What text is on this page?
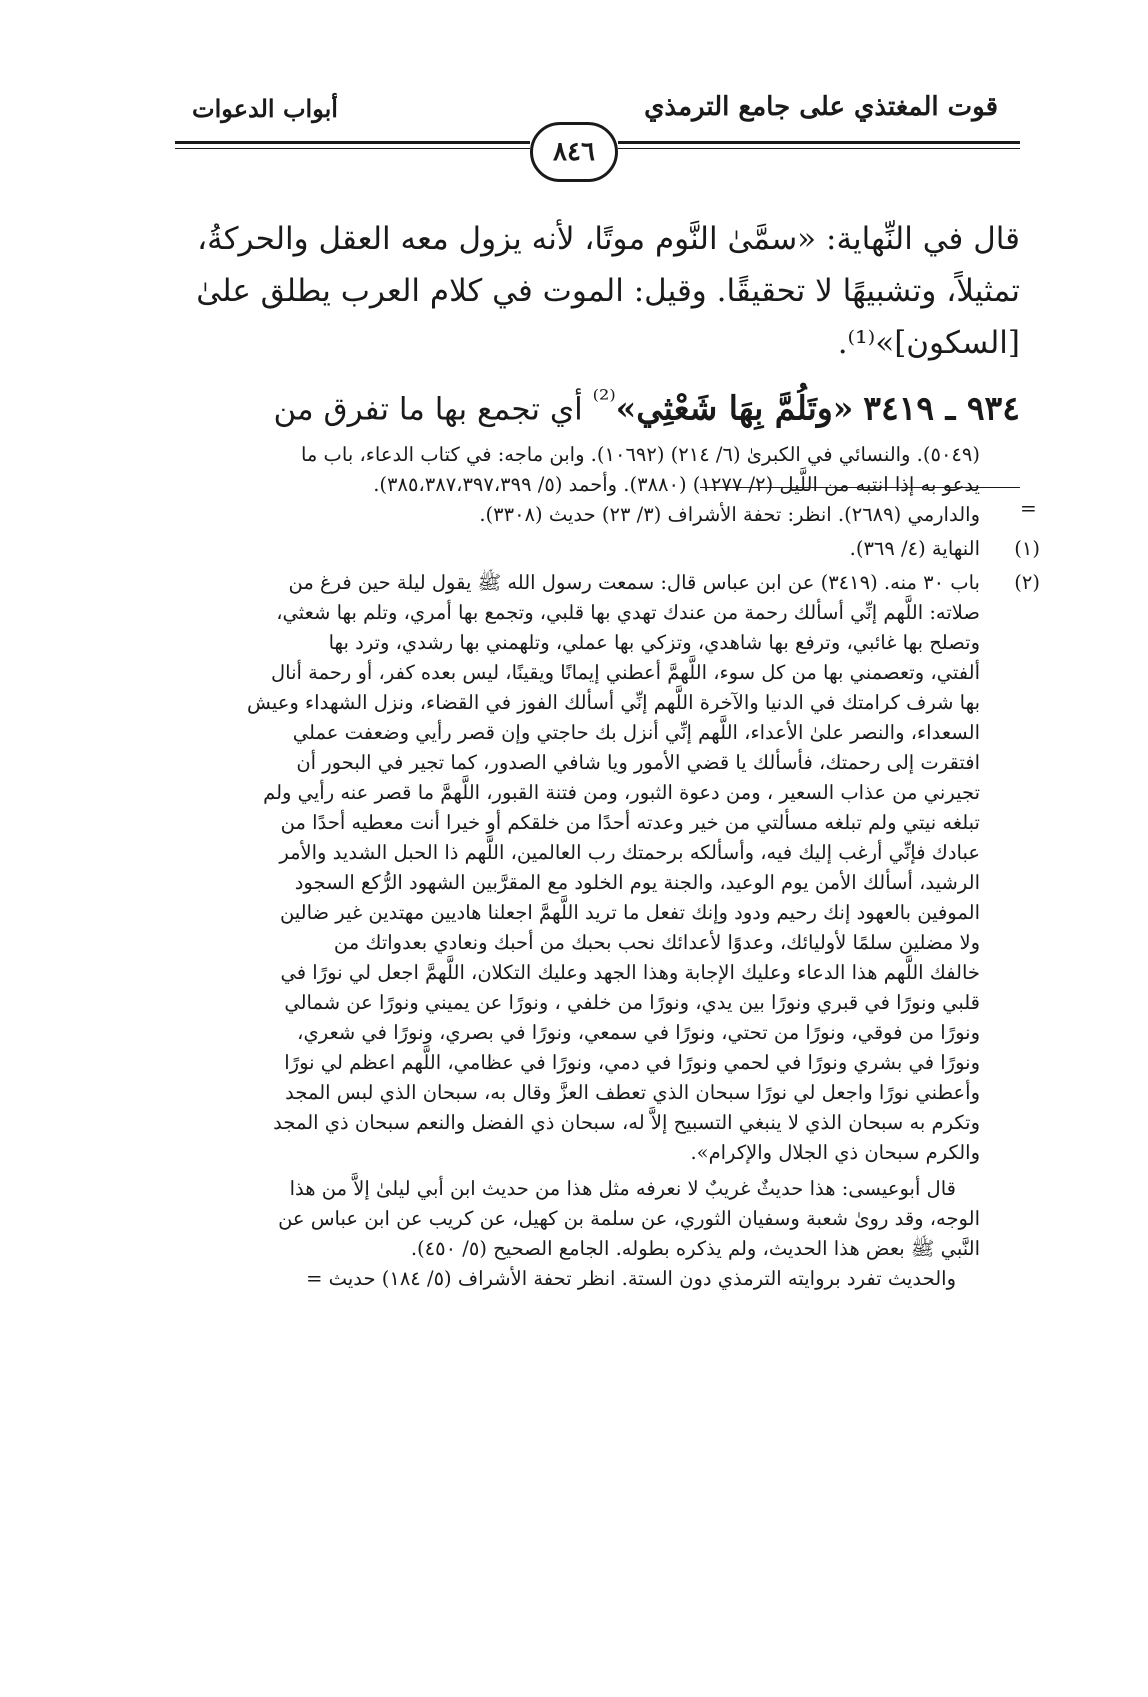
قوت المغتذي على جامع الترمذي
أبواب الدعوات
٨٤٦

قال في النِّهاية: «سمَّىٰ النَّوم موتًا، لأنه يزول معه العقل والحركةُ،

تمثيلاً، وتشبيهًا لا تحقيقًا. وقيل: الموت في كلام العرب يطلق علىٰ

[السكون]»⁽¹⁾.

٩٣٤ ـ ٣٤١٩ «وتَلُمَّ بِهَا شَعْثِي»$^{^{(2)}}$ أي تجمع بها ما تفرق من
=

(٥٠٤٩). والنسائي في الكبرىٰ (٦/ ٢١٤) (١٠٦٩٢). وابن ماجه: في كتاب الدعاء، باب ما

يدعو به إذا انتبه من اللَّيل (٢/ ١٢٧٧) (٣٨٨٠). وأحمد (٥/ ٣٨٥،٣٨٧،٣٩٧،٣٩٩).

والدارمي (٢٦٨٩). انظر: تحفة الأشراف (٣/ ٢٣) حديث (٣٣٠٨).

(١)

النهاية (٤/ ٣٦٩).

(٢)

باب ٣٠ منه. (٣٤١٩) عن ابن عباس قال: سمعت رسول الله ﷺ يقول ليلة حين فرغ من

صلاته: اللَّهم إنِّي أسألك رحمة من عندك تهدي بها قلبي، وتجمع بها أمري، وتلم بها شعثي،

وتصلح بها غائبي، وترفع بها شاهدي، وتزكي بها عملي، وتلهمني بها رشدي، وترد بها

ألفتي، وتعصمني بها من كل سوء، اللَّهمَّ أعطني إيمانًا ويقينًا، ليس بعده كفر، أو رحمة أنال

بها شرف كرامتك في الدنيا والآخرة اللَّهم إنِّي أسألك الفوز في القضاء، ونزل الشهداء وعيش

السعداء، والنصر علىٰ الأعداء، اللَّهم إنِّي أنزل بك حاجتي وإن قصر رأيي وضعفت عملي

افتقرت إلى رحمتك، فأسألك يا قضي الأمور ويا شافي الصدور، كما تجير في البحور أن

تجيرني من عذاب السعير ، ومن دعوة الثبور، ومن فتنة القبور، اللَّهمَّ ما قصر عنه رأيي ولم

تبلغه نيتي ولم تبلغه مسألتي من خير وعدته أحدًا من خلقكم أو خيرا أنت معطيه أحدًا من

عبادك فإنِّي أرغب إليك فيه، وأسألكه برحمتك رب العالمين، اللَّهم ذا الحبل الشديد والأمر

الرشيد، أسألك الأمن يوم الوعيد، والجنة يوم الخلود مع المقرَّبين الشهود الرُّكع السجود

الموفين بالعهود إنك رحيم ودود وإنك تفعل ما تريد اللَّهمَّ اجعلنا هاديين مهتدين غير ضالين

ولا مضلين سلمًا لأوليائك، وعدوًا لأعدائك نحب بحبك من أحبك ونعادي بعدواتك من

خالفك اللَّهم هذا الدعاء وعليك الإجابة وهذا الجهد وعليك التكلان، اللَّهمَّ اجعل لي نورًا في

قلبي ونورًا في قبري ونورًا بين يدي، ونورًا من خلفي ، ونورًا عن يميني ونورًا عن شمالي

ونورًا من فوقي، ونورًا من تحتي، ونورًا في سمعي، ونورًا في بصري، ونورًا في شعري،

ونورًا في بشري ونورًا في لحمي ونورًا في دمي، ونورًا في عظامي، اللَّهم اعظم لي نورًا

وأعطني نورًا واجعل لي نورًا سبحان الذي تعطف العزَّ وقال به، سبحان الذي لبس المجد

وتكرم به سبحان الذي لا ينبغي التسبيح إلاَّ له، سبحان ذي الفضل والنعم سبحان ذي المجد

والكرم سبحان ذي الجلال والإكرام».

قال أبوعيسى: هذا حديثٌ غريبٌ لا نعرفه مثل هذا من حديث ابن أبي ليلىٰ إلاَّ من هذا

الوجه، وقد روىٰ شعبة وسفيان الثوري، عن سلمة بن كهيل، عن كريب عن ابن عباس عن

النَّبي ﷺ بعض هذا الحديث، ولم يذكره بطوله. الجامع الصحيح (٥/ ٤٥٠).

والحديث تفرد بروايته الترمذي دون الستة. انظر تحفة الأشراف (٥/ ١٨٤) حديث =
